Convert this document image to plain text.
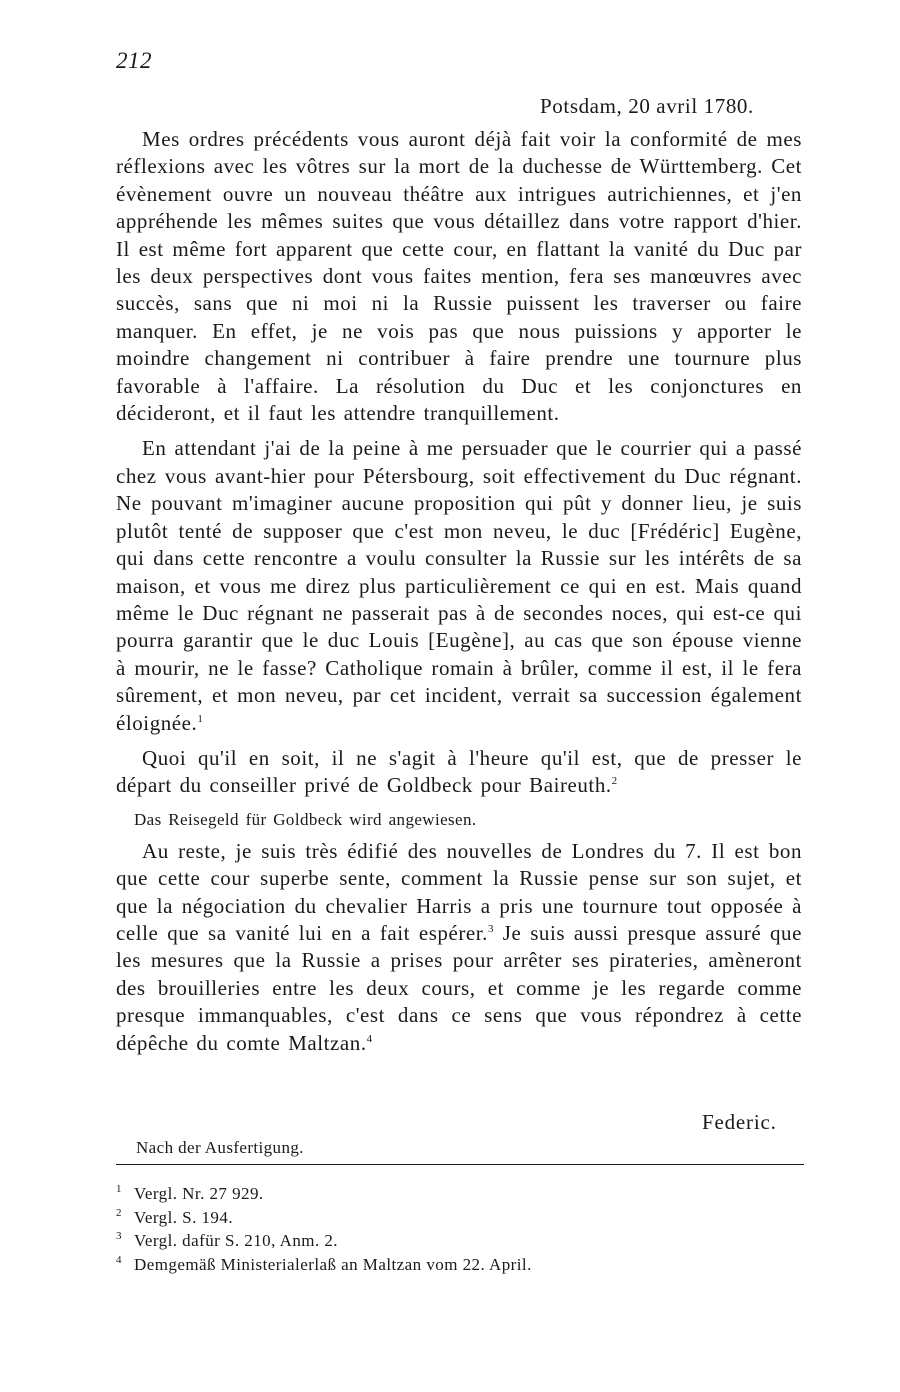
212
Potsdam, 20 avril 1780.

Mes ordres précédents vous auront déjà fait voir la conformité de mes réflexions avec les vôtres sur la mort de la duchesse de Württemberg. Cet évènement ouvre un nouveau théâtre aux intrigues autrichiennes, et j'en appréhende les mêmes suites que vous détaillez dans votre rapport d'hier. Il est même fort apparent que cette cour, en flattant la vanité du Duc par les deux perspectives dont vous faites mention, fera ses manœuvres avec succès, sans que ni moi ni la Russie puissent les traverser ou faire manquer. En effet, je ne vois pas que nous puissions y apporter le moindre changement ni contribuer à faire prendre une tournure plus favorable à l'affaire. La résolution du Duc et les conjonctures en décideront, et il faut les attendre tranquillement.

En attendant j'ai de la peine à me persuader que le courrier qui a passé chez vous avant-hier pour Pétersbourg, soit effectivement du Duc régnant. Ne pouvant m'imaginer aucune proposition qui pût y donner lieu, je suis plutôt tenté de supposer que c'est mon neveu, le duc [Frédéric] Eugène, qui dans cette rencontre a voulu consulter la Russie sur les intérêts de sa maison, et vous me direz plus particulièrement ce qui en est. Mais quand même le Duc régnant ne passerait pas à de secondes noces, qui est-ce qui pourra garantir que le duc Louis [Eugène], au cas que son épouse vienne à mourir, ne le fasse? Catholique romain à brûler, comme il est, il le fera sûrement, et mon neveu, par cet incident, verrait sa succession également éloignée.$^1$

Quoi qu'il en soit, il ne s'agit à l'heure qu'il est, que de presser le départ du conseiller privé de Goldbeck pour Baireuth.$^2$

Das Reisegeld für Goldbeck wird angewiesen.

Au reste, je suis très édifié des nouvelles de Londres du 7. Il est bon que cette cour superbe sente, comment la Russie pense sur son sujet, et que la négociation du chevalier Harris a pris une tournure tout opposée à celle que sa vanité lui en a fait espérer.$^3$ Je suis aussi presque assuré que les mesures que la Russie a prises pour arrêter ses pirateries, amèneront des brouilleries entre les deux cours, et comme je les regarde comme presque immanquables, c'est dans ce sens que vous répondrez à cette dépêche du comte Maltzan.$^4$

Federic.
Nach der Ausfertigung.
1 Vergl. Nr. 27 929.
2 Vergl. S. 194.
3 Vergl. dafür S. 210, Anm. 2.
4 Demgemäß Ministerialerlaß an Maltzan vom 22. April.
